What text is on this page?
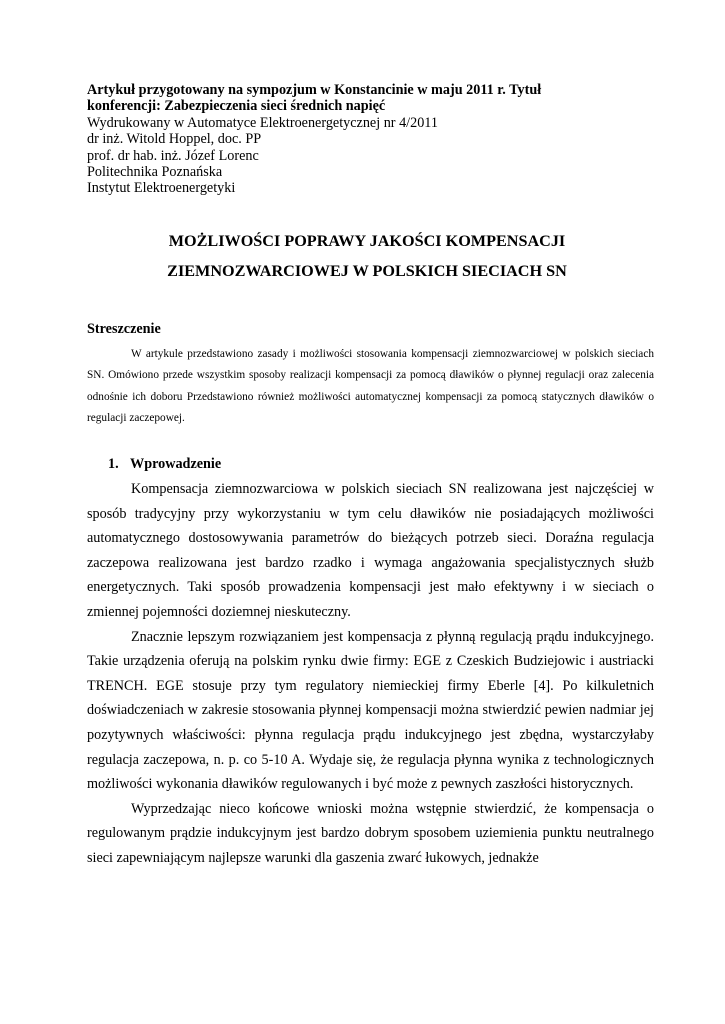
Artykuł przygotowany na sympozjum w Konstancinie w maju 2011 r. Tytuł
konferencji: Zabezpieczenia sieci średnich napięć
Wydrukowany w Automatyce Elektroenergetycznej nr 4/2011
dr inż. Witold Hoppel, doc. PP
prof. dr hab. inż. Józef Lorenc
Politechnika Poznańska
Instytut Elektroenergetyki
MOŻLIWOŚCI POPRAWY JAKOŚCI KOMPENSACJI
ZIEMNOZWARCIOWEJ W POLSKICH SIECIACH SN
Streszczenie
W artykule przedstawiono zasady i możliwości stosowania kompensacji ziemnozwarciowej w polskich sieciach SN. Omówiono przede wszystkim sposoby realizacji kompensacji za pomocą dławików o płynnej regulacji oraz zalecenia odnośnie ich doboru Przedstawiono również możliwości automatycznej kompensacji za pomocą statycznych dławików o regulacji zaczepowej.
1. Wprowadzenie

Kompensacja ziemnozwarciowa w polskich sieciach SN realizowana jest najczęściej w sposób tradycyjny przy wykorzystaniu w tym celu dławików nie posiadających możliwości automatycznego dostosowywania parametrów do bieżących potrzeb sieci. Doraźna regulacja zaczepowa realizowana jest bardzo rzadko i wymaga angażowania specjalistycznych służb energetycznych. Taki sposób prowadzenia kompensacji jest mało efektywny i w sieciach o zmiennej pojemności doziemnej nieskuteczny.

Znacznie lepszym rozwiązaniem jest kompensacja z płynną regulacją prądu indukcyjnego. Takie urządzenia oferują na polskim rynku dwie firmy: EGE z Czeskich Budziejowic i austriacki TRENCH. EGE stosuje przy tym regulatory niemieckiej firmy Eberle [4]. Po kilkuletnich doświadczeniach w zakresie stosowania płynnej kompensacji można stwierdzić pewien nadmiar jej pozytywnych właściwości: płynna regulacja prądu indukcyjnego jest zbędna, wystarczyłaby regulacja zaczepowa, n. p. co 5-10 A. Wydaje się, że regulacja płynna wynika z technologicznych możliwości wykonania dławików regulowanych i być może z pewnych zaszłości historycznych.

Wyprzedzając nieco końcowe wnioski można wstępnie stwierdzić, że kompensacja o regulowanym prądzie indukcyjnym jest bardzo dobrym sposobem uziemienia punktu neutralnego sieci zapewniającym najlepsze warunki dla gaszenia zwarć łukowych, jednakże
